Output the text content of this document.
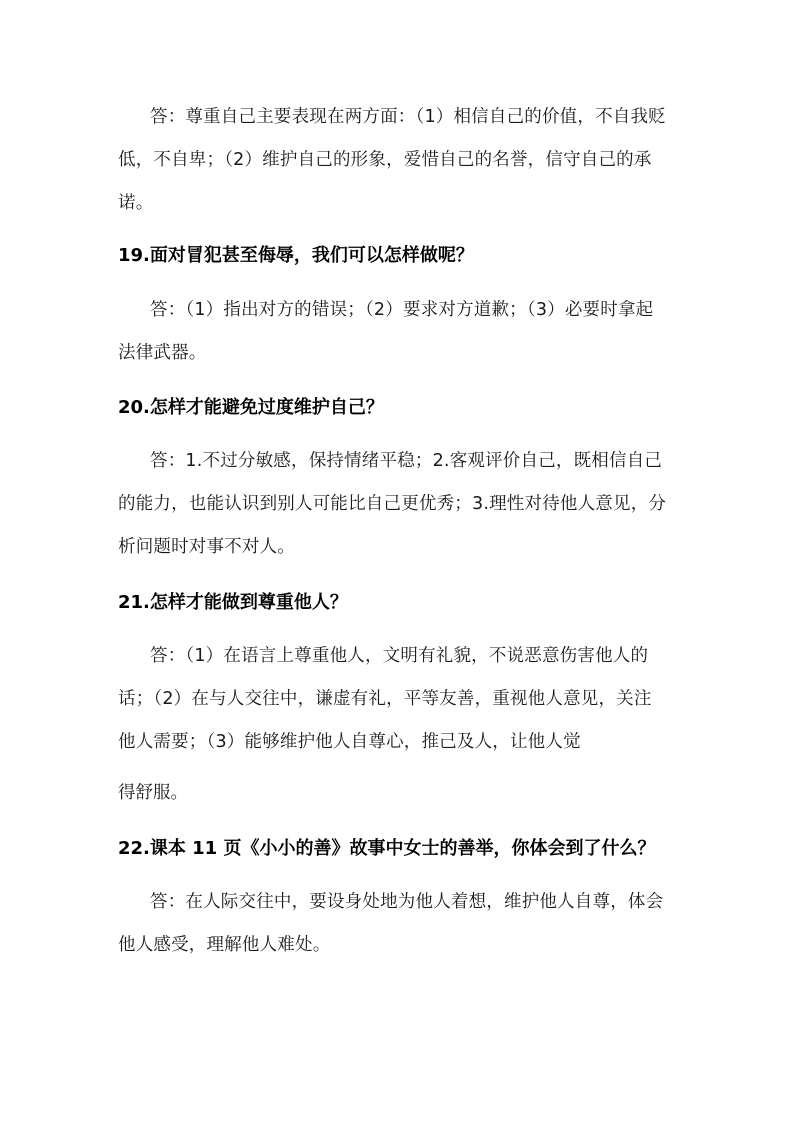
答：尊重自己主要表现在两方面：（1）相信自己的价值，不自我贬
低，不自卑；（2）维护自己的形象，爱惜自己的名誉，信守自己的承
诺。
19.面对冒犯甚至侮辱，我们可以怎样做呢？
答：（1）指出对方的错误；（2）要求对方道歉；（3）必要时拿起
法律武器。
20.怎样才能避免过度维护自己？
答：1.不过分敏感，保持情绪平稳；2.客观评价自己，既相信自己
的能力，也能认识到别人可能比自己更优秀；3.理性对待他人意见，分
析问题时对事不对人。
21.怎样才能做到尊重他人？
答：（1）在语言上尊重他人，文明有礼貌，不说恶意伤害他人的
话；（2）在与人交往中，谦虚有礼，平等友善，重视他人意见，关注
他人需要；（3）能够维护他人自尊心，推己及人，让他人觉
得舒服。
22.课本 11 页《小小的善》故事中女士的善举，你体会到了什么？
答：在人际交往中，要设身处地为他人着想，维护他人自尊，体会
他人感受，理解他人难处。
